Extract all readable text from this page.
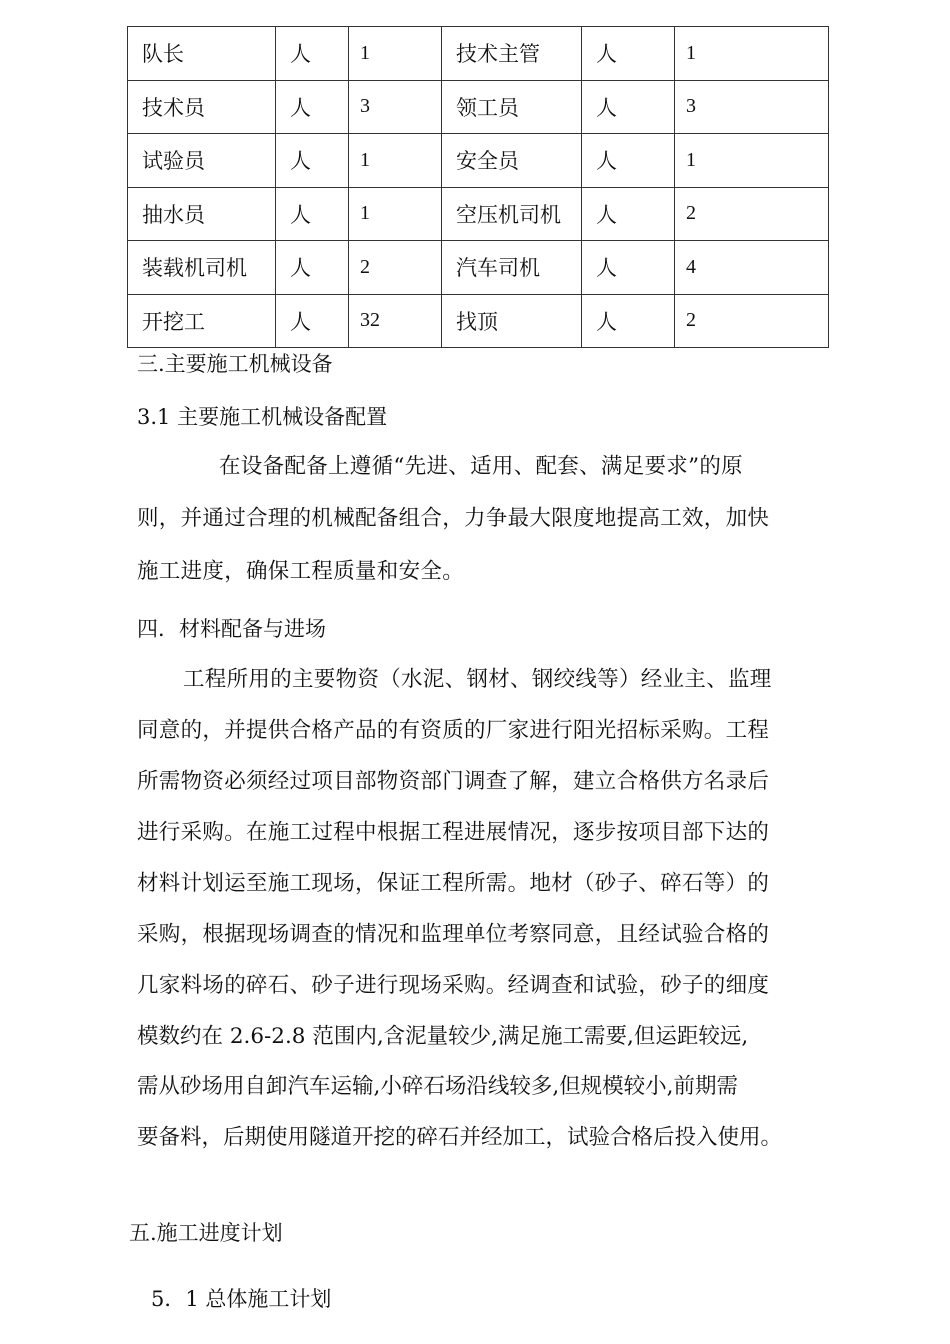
队长	人	1	技术主管	人	1
技术员	人	3	领工员	人	3
试验员	人	1	安全员	人	1
抽水员	人	1	空压机司机	人	2
装载机司机	人	2	汽车司机	人	4
开挖工	人	32	找顶	人	2
三.主要施工机械设备
3.1 主要施工机械设备配置
在设备配备上遵循“先进、适用、配套、满足要求”的原
则，并通过合理的机械配备组合，力争最大限度地提高工效，加快
施工进度，确保工程质量和安全。
四．材料配备与进场
工程所用的主要物资（水泥、钢材、钢绞线等）经业主、监理
同意的，并提供合格产品的有资质的厂家进行阳光招标采购。工程
所需物资必须经过项目部物资部门调查了解，建立合格供方名录后
进行采购。在施工过程中根据工程进展情况，逐步按项目部下达的
材料计划运至施工现场，保证工程所需。地材（砂子、碎石等）的
采购，根据现场调查的情况和监理单位考察同意，且经试验合格的
几家料场的碎石、砂子进行现场采购。经调查和试验，砂子的细度
模数约在 2.6-2.8 范围内,含泥量较少,满足施工需要,但运距较远,
需从砂场用自卸汽车运输,小碎石场沿线较多,但规模较小,前期需
要备料，后期使用隧道开挖的碎石并经加工，试验合格后投入使用。
五.施工进度计划
5．1 总体施工计划
